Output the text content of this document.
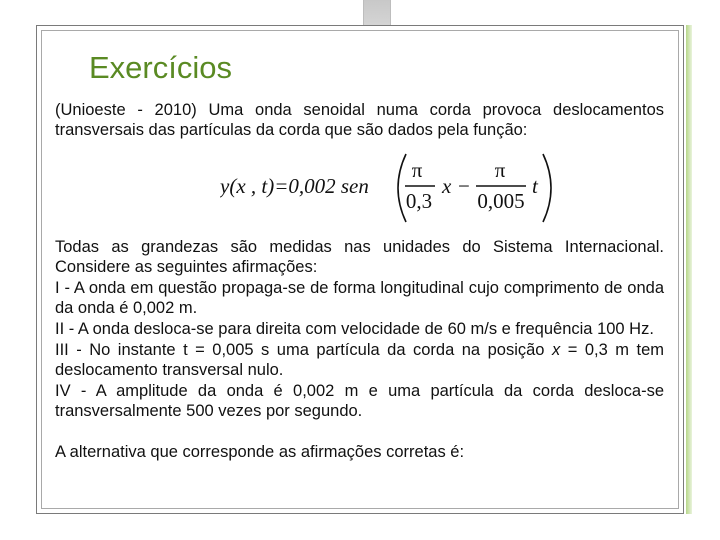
Exercícios

(Unioeste - 2010) Uma onda senoidal numa corda provoca deslocamentos transversais das partículas da corda que são dados pela função:

y(x , t)=0,002 sen
π
0,3
x −
π
0,005
t

Todas as grandezas são medidas nas unidades do Sistema Internacional. Considere as seguintes afirmações:

I - A onda em questão propaga-se de forma longitudinal cujo comprimento de onda da onda é 0,002 m.

II - A onda desloca-se para direita com velocidade de 60 m/s e frequência 100 Hz.

III - No instante t = 0,005 s uma partícula da corda na posição x = 0,3 m tem deslocamento transversal nulo.

IV - A amplitude da onda é 0,002 m e uma partícula da corda desloca-se transversalmente 500 vezes por segundo.

A alternativa que corresponde as afirmações corretas é:
